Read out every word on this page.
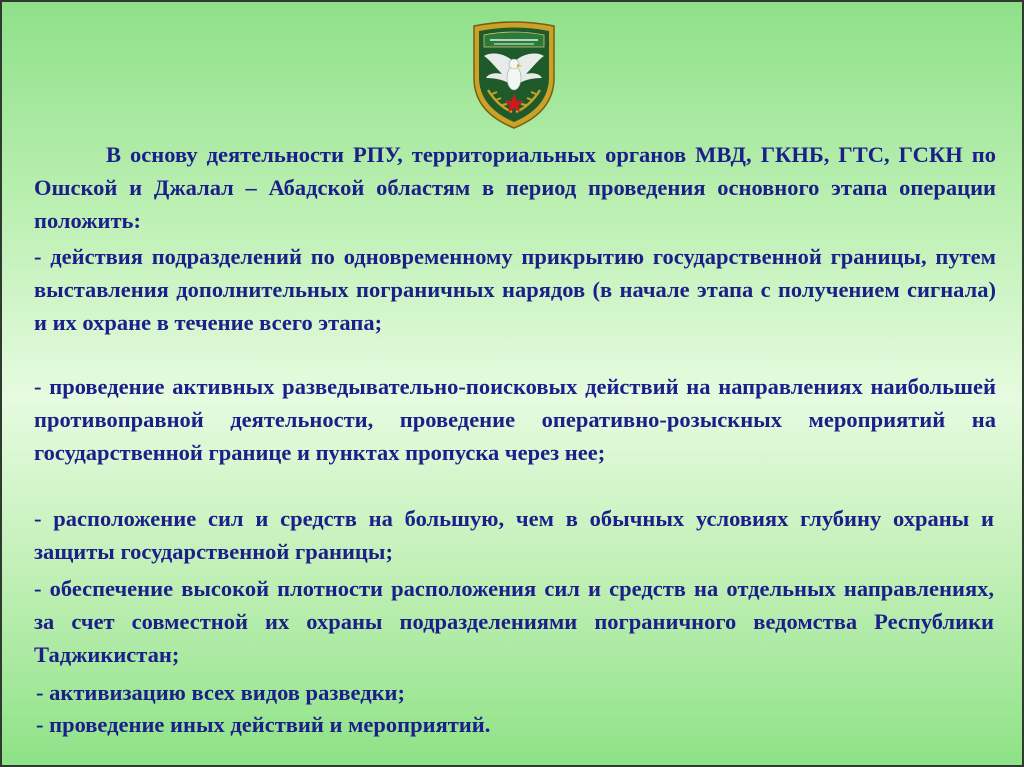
В основу деятельности РПУ, территориальных органов МВД, ГКНБ, ГТС, ГСКН по Ошской и Джалал – Абадской областям в период проведения основного этапа операции положить:

- действия подразделений по одновременному прикрытию государственной границы, путем выставления дополнительных пограничных нарядов (в начале этапа с получением сигнала) и их охране в течение всего этапа;

- проведение активных разведывательно-поисковых действий на направлениях наибольшей противоправной деятельности, проведение оперативно-розыскных мероприятий на государственной границе и пунктах пропуска через нее;

- расположение сил и средств на большую, чем в обычных условиях глубину охраны и защиты государственной границы;

- обеспечение высокой плотности расположения сил и средств на отдельных направлениях, за счет совместной их охраны подразделениями пограничного ведомства Республики Таджикистан;

- активизацию всех видов разведки;

- проведение иных действий и мероприятий.
